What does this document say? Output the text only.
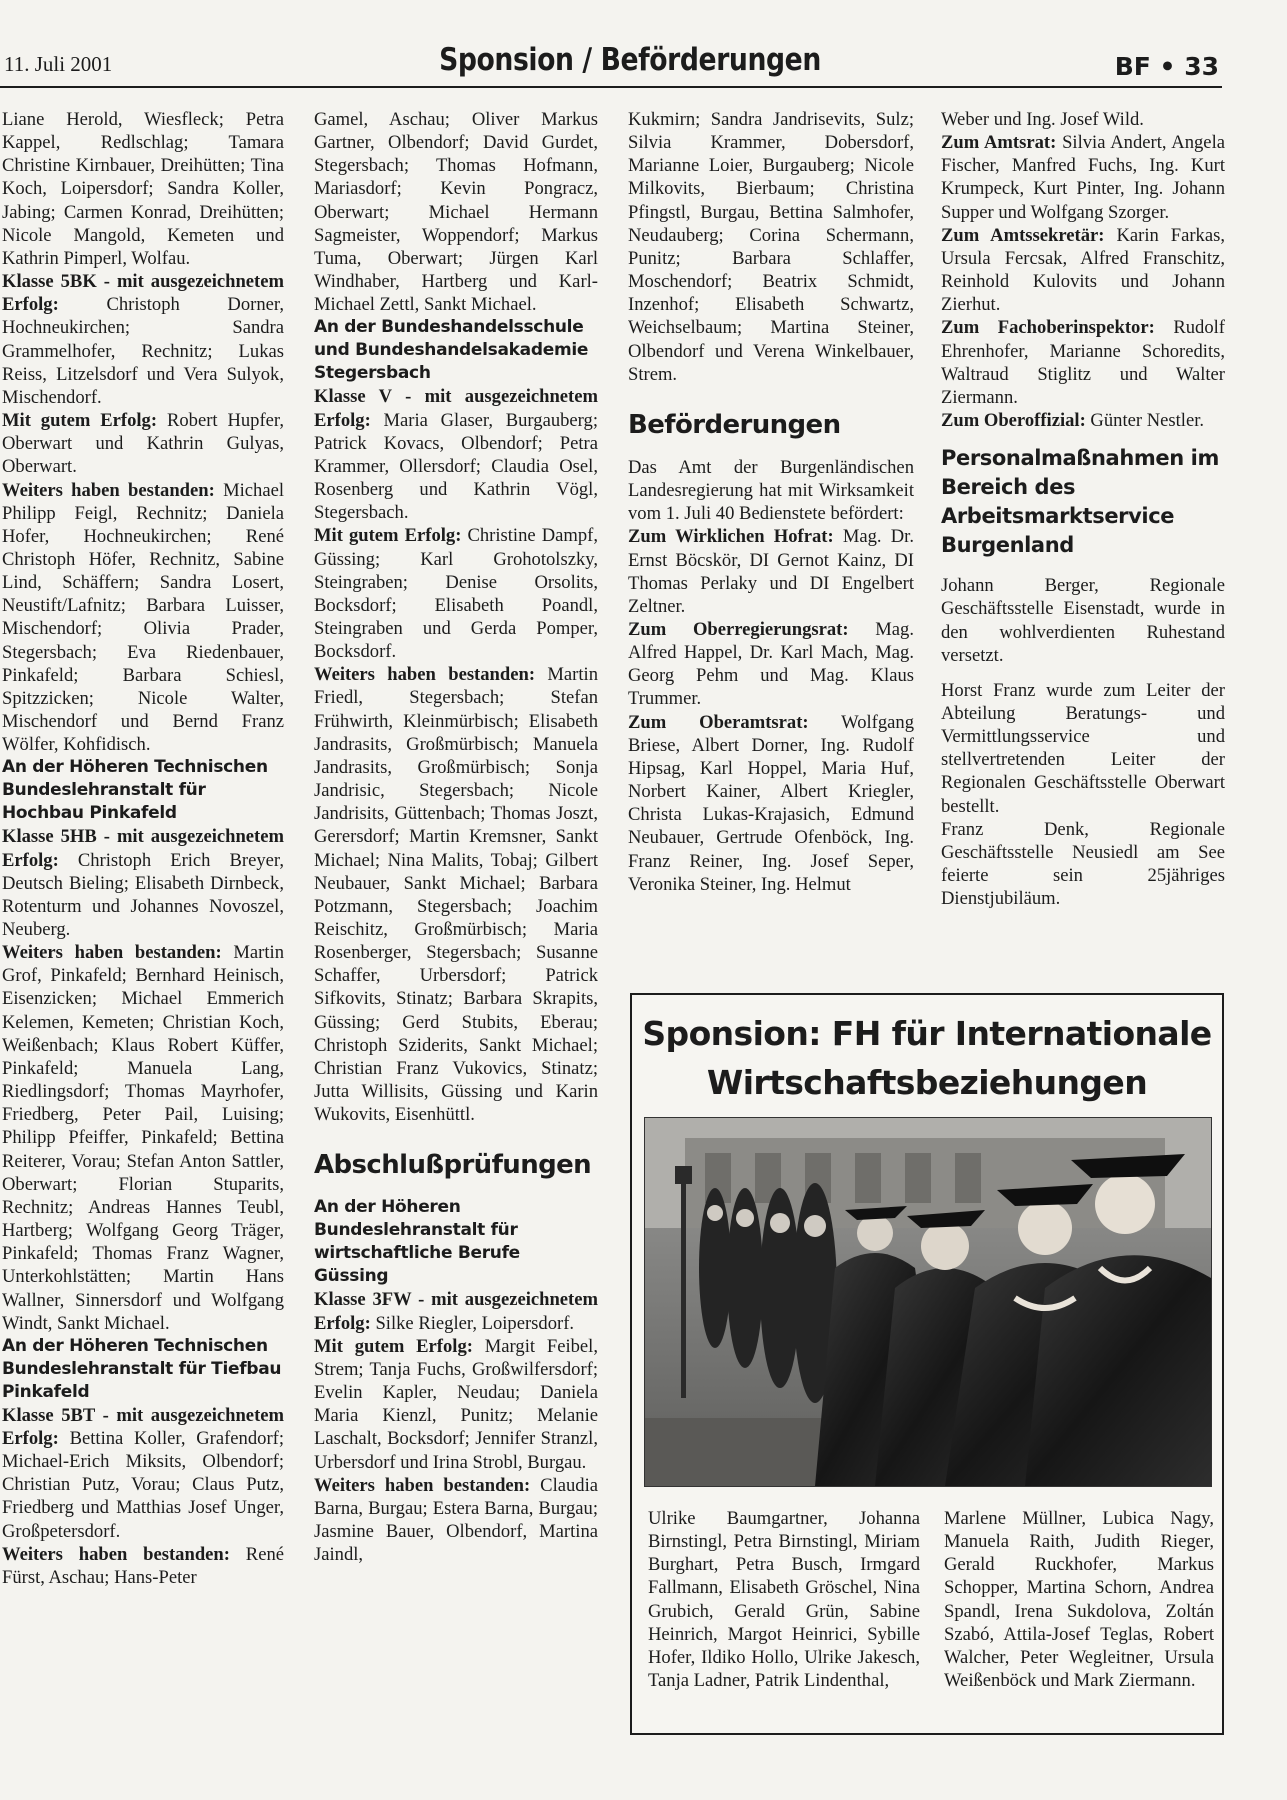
11. Juli 2001	Sponsion / Beförderungen	BF • 33

Liane Herold, Wiesfleck; Petra Kappel, Redlschlag; Tamara Christine Kirnbauer, Dreihütten; Tina Koch, Loipersdorf; Sandra Koller, Jabing; Carmen Konrad, Dreihütten; Nicole Mangold, Kemeten und Kathrin Pimperl, Wolfau.

Klasse 5BK - mit ausgezeichnetem Erfolg: Christoph Dorner, Hochneukirchen; Sandra Grammelhofer, Rechnitz; Lukas Reiss, Litzelsdorf und Vera Sulyok, Mischendorf.

Mit gutem Erfolg: Robert Hupfer, Oberwart und Kathrin Gulyas, Oberwart.

Weiters haben bestanden: Michael Philipp Feigl, Rechnitz; Daniela Hofer, Hochneukirchen; René Christoph Höfer, Rechnitz, Sabine Lind, Schäffern; Sandra Losert, Neustift/Lafnitz; Barbara Luisser, Mischendorf; Olivia Prader, Stegersbach; Eva Riedenbauer, Pinkafeld; Barbara Schiesl, Spitzzicken; Nicole Walter, Mischendorf und Bernd Franz Wölfer, Kohfidisch.

An der Höheren Technischen Bundeslehranstalt für Hochbau Pinkafeld

Klasse 5HB - mit ausgezeichnetem Erfolg: Christoph Erich Breyer, Deutsch Bieling; Elisabeth Dirnbeck, Rotenturm und Johannes Novoszel, Neuberg.

Weiters haben bestanden: Martin Grof, Pinkafeld; Bernhard Heinisch, Eisenzicken; Michael Emmerich Kelemen, Kemeten; Christian Koch, Weißenbach; Klaus Robert Küffer, Pinkafeld; Manuela Lang, Riedlingsdorf; Thomas Mayrhofer, Friedberg, Peter Pail, Luising; Philipp Pfeiffer, Pinkafeld; Bettina Reiterer, Vorau; Stefan Anton Sattler, Oberwart; Florian Stuparits, Rechnitz; Andreas Hannes Teubl, Hartberg; Wolfgang Georg Träger, Pinkafeld; Thomas Franz Wagner, Unterkohlstätten; Martin Hans Wallner, Sinnersdorf und Wolfgang Windt, Sankt Michael.

An der Höheren Technischen Bundeslehranstalt für Tiefbau Pinkafeld

Klasse 5BT - mit ausgezeichnetem Erfolg: Bettina Koller, Grafendorf; Michael-Erich Miksits, Olbendorf; Christian Putz, Vorau; Claus Putz, Friedberg und Matthias Josef Unger, Großpetersdorf.

Weiters haben bestanden: René Fürst, Aschau; Hans-Peter

Gamel, Aschau; Oliver Markus Gartner, Olbendorf; David Gurdet, Stegersbach; Thomas Hofmann, Mariasdorf; Kevin Pongracz, Oberwart; Michael Hermann Sagmeister, Woppendorf; Markus Tuma, Oberwart; Jürgen Karl Windhaber, Hartberg und Karl-Michael Zettl, Sankt Michael.

An der Bundeshandelsschule und Bundeshandelsakademie Stegersbach

Klasse V - mit ausgezeichnetem Erfolg: Maria Glaser, Burgauberg; Patrick Kovacs, Olbendorf; Petra Krammer, Ollersdorf; Claudia Osel, Rosenberg und Kathrin Vögl, Stegersbach.

Mit gutem Erfolg: Christine Dampf, Güssing; Karl Grohotolszky, Steingraben; Denise Orsolits, Bocksdorf; Elisabeth Poandl, Steingraben und Gerda Pomper, Bocksdorf.

Weiters haben bestanden: Martin Friedl, Stegersbach; Stefan Frühwirth, Kleinmürbisch; Elisabeth Jandrasits, Großmürbisch; Manuela Jandrasits, Großmürbisch; Sonja Jandrisic, Stegersbach; Nicole Jandrisits, Güttenbach; Thomas Joszt, Gerersdorf; Martin Kremsner, Sankt Michael; Nina Malits, Tobaj; Gilbert Neubauer, Sankt Michael; Barbara Potzmann, Stegersbach; Joachim Reischitz, Großmürbisch; Maria Rosenberger, Stegersbach; Susanne Schaffer, Urbersdorf; Patrick Sifkovits, Stinatz; Barbara Skrapits, Güssing; Gerd Stubits, Eberau; Christoph Sziderits, Sankt Michael; Christian Franz Vukovics, Stinatz; Jutta Willisits, Güssing und Karin Wukovits, Eisenhüttl.

Abschlußprüfungen
An der Höheren Bundeslehranstalt für wirtschaftliche Berufe Güssing

Klasse 3FW - mit ausgezeichnetem Erfolg: Silke Riegler, Loipersdorf.

Mit gutem Erfolg: Margit Feibel, Strem; Tanja Fuchs, Großwilfersdorf; Evelin Kapler, Neudau; Daniela Maria Kienzl, Punitz; Melanie Laschalt, Bocksdorf; Jennifer Stranzl, Urbersdorf und Irina Strobl, Burgau.

Weiters haben bestanden: Claudia Barna, Burgau; Estera Barna, Burgau; Jasmine Bauer, Olbendorf, Martina Jaindl,

Kukmirn; Sandra Jandrisevits, Sulz; Silvia Krammer, Dobersdorf, Marianne Loier, Burgauberg; Nicole Milkovits, Bierbaum; Christina Pfingstl, Burgau, Bettina Salmhofer, Neudauberg; Corina Schermann, Punitz; Barbara Schlaffer, Moschendorf; Beatrix Schmidt, Inzenhof; Elisabeth Schwartz, Weichselbaum; Martina Steiner, Olbendorf und Verena Winkelbauer, Strem.

Beförderungen

Das Amt der Burgenländischen Landesregierung hat mit Wirksamkeit vom 1. Juli 40 Bedienstete befördert:

Zum Wirklichen Hofrat: Mag. Dr. Ernst Böcskör, DI Gernot Kainz, DI Thomas Perlaky und DI Engelbert Zeltner.

Zum Oberregierungsrat: Mag. Alfred Happel, Dr. Karl Mach, Mag. Georg Pehm und Mag. Klaus Trummer.

Zum Oberamtsrat: Wolfgang Briese, Albert Dorner, Ing. Rudolf Hipsag, Karl Hoppel, Maria Huf, Norbert Kainer, Albert Kriegler, Christa Lukas-Krajasich, Edmund Neubauer, Gertrude Ofenböck, Ing. Franz Reiner, Ing. Josef Seper, Veronika Steiner, Ing. Helmut

Weber und Ing. Josef Wild.

Zum Amtsrat: Silvia Andert, Angela Fischer, Manfred Fuchs, Ing. Kurt Krumpeck, Kurt Pinter, Ing. Johann Supper und Wolfgang Szorger.

Zum Amtssekretär: Karin Farkas, Ursula Fercsak, Alfred Franschitz, Reinhold Kulovits und Johann Zierhut.

Zum Fachoberinspektor: Rudolf Ehrenhofer, Marianne Schoredits, Waltraud Stiglitz und Walter Ziermann.

Zum Oberoffizial: Günter Nestler.

Personalmaßnahmen im Bereich des Arbeitsmarktservice Burgenland

Johann Berger, Regionale Geschäftsstelle Eisenstadt, wurde in den wohlverdienten Ruhestand versetzt.

Horst Franz wurde zum Leiter der Abteilung Beratungs- und Vermittlungsservice und stellvertretenden Leiter der Regionalen Geschäftsstelle Oberwart bestellt.

Franz Denk, Regionale Geschäftsstelle Neusiedl am See feierte sein 25jähriges Dienstjubiläum.

Sponsion: FH für Internationale
Wirtschaftsbeziehungen
Ulrike Baumgartner, Johanna Birnstingl, Petra Birnstingl, Miriam Burghart, Petra Busch, Irmgard Fallmann, Elisabeth Gröschel, Nina Grubich, Gerald Grün, Sabine Heinrich, Margot Heinrici, Sybille Hofer, Ildiko Hollo, Ulrike Jakesch, Tanja Ladner, Patrik Lindenthal,
Marlene Müllner, Lubica Nagy, Manuela Raith, Judith Rieger, Gerald Ruckhofer, Markus Schopper, Martina Schorn, Andrea Spandl, Irena Sukdolova, Zoltán Szabó, Attila-Josef Teglas, Robert Walcher, Peter Wegleitner, Ursula Weißenböck und Mark Ziermann.
